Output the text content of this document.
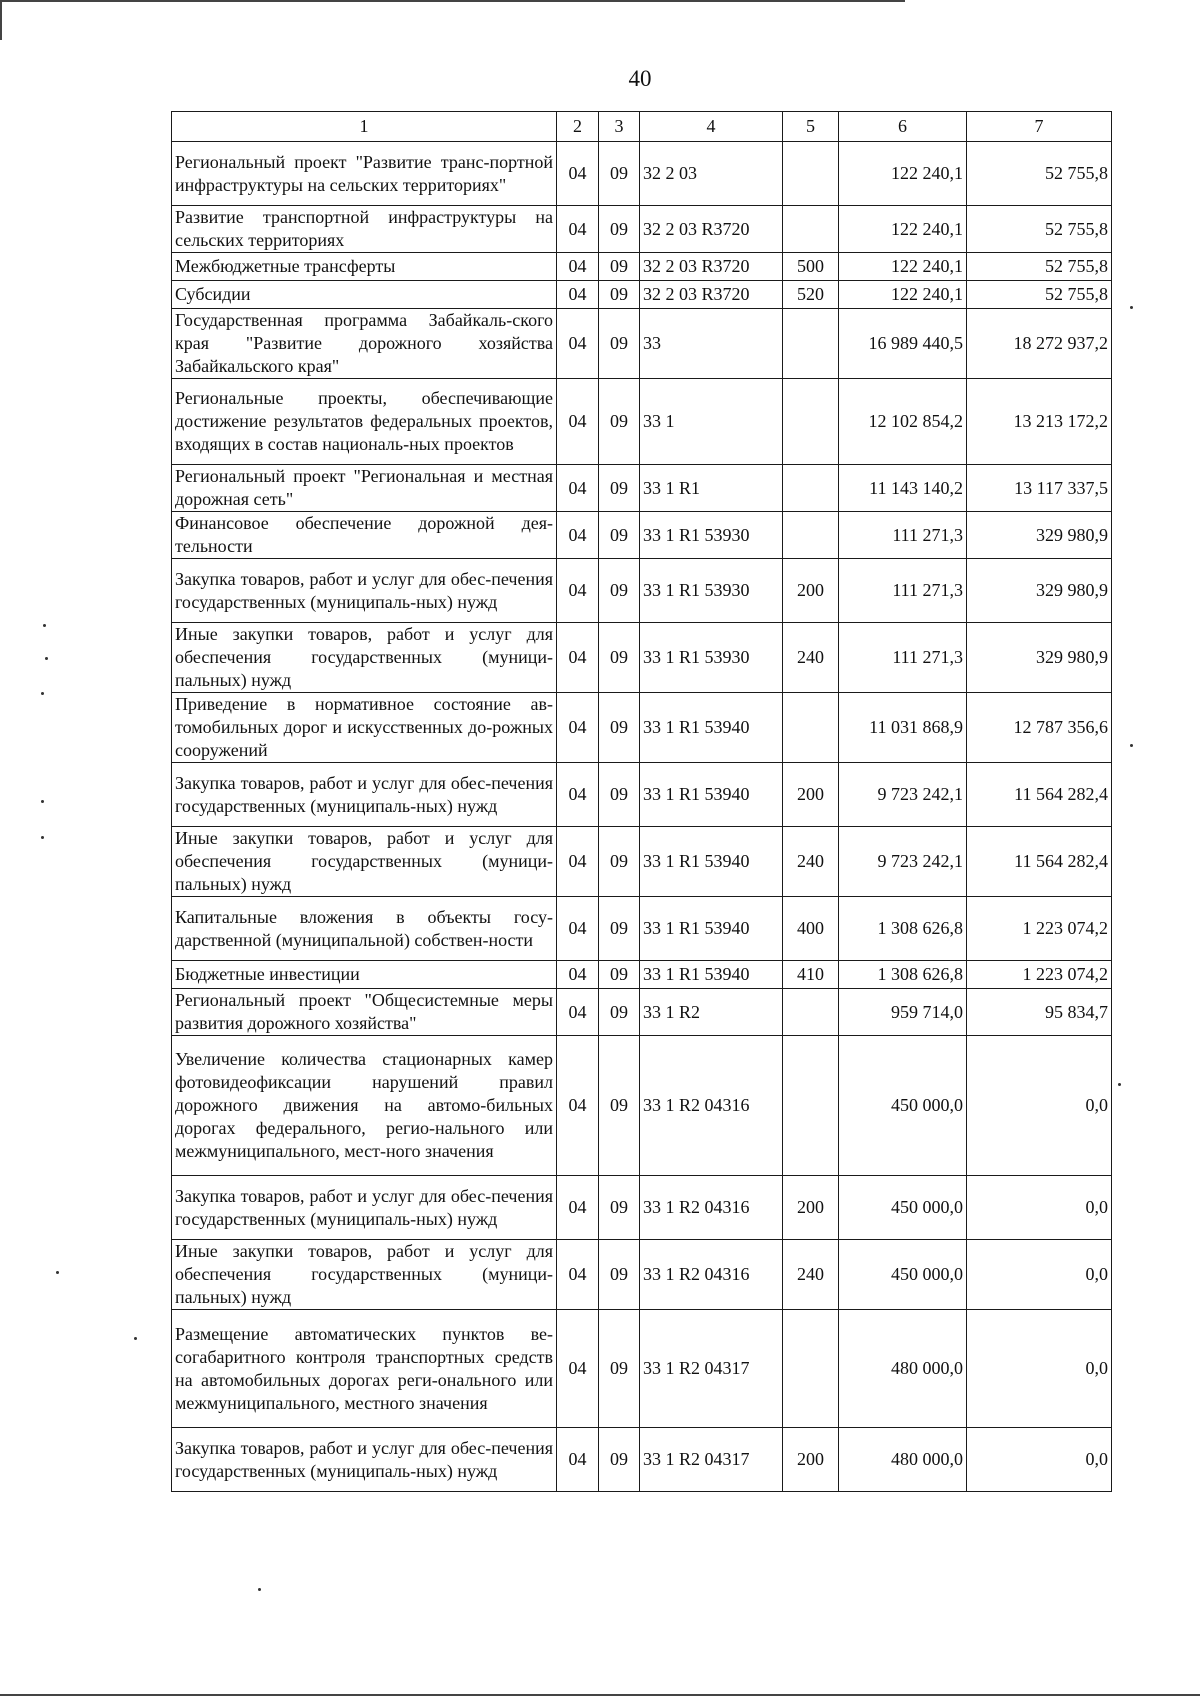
40
1	2	3	4	5	6	7
Региональный проект "Развитие транс-портной инфраструктуры на сельских территориях"	04	09	32 2 03		122 240,1	52 755,8
Развитие транспортной инфраструктуры на сельских территориях	04	09	32 2 03 R3720		122 240,1	52 755,8
Межбюджетные трансферты	04	09	32 2 03 R3720	500	122 240,1	52 755,8
Субсидии	04	09	32 2 03 R3720	520	122 240,1	52 755,8
Государственная программа Забайкаль-ского края "Развитие дорожного хозяйства Забайкальского края"	04	09	33		16 989 440,5	18 272 937,2
Региональные проекты, обеспечивающие достижение результатов федеральных проектов, входящих в состав националь-ных проектов	04	09	33 1		12 102 854,2	13 213 172,2
Региональный проект "Региональная и местная дорожная сеть"	04	09	33 1 R1		11 143 140,2	13 117 337,5
Финансовое обеспечение дорожной дея-тельности	04	09	33 1 R1 53930		111 271,3	329 980,9
Закупка товаров, работ и услуг для обес-печения государственных (муниципаль-ных) нужд	04	09	33 1 R1 53930	200	111 271,3	329 980,9
Иные закупки товаров, работ и услуг для обеспечения государственных (муници-пальных) нужд	04	09	33 1 R1 53930	240	111 271,3	329 980,9
Приведение в нормативное состояние ав-томобильных дорог и искусственных до-рожных сооружений	04	09	33 1 R1 53940		11 031 868,9	12 787 356,6
Закупка товаров, работ и услуг для обес-печения государственных (муниципаль-ных) нужд	04	09	33 1 R1 53940	200	9 723 242,1	11 564 282,4
Иные закупки товаров, работ и услуг для обеспечения государственных (муници-пальных) нужд	04	09	33 1 R1 53940	240	9 723 242,1	11 564 282,4
Капитальные вложения в объекты госу-дарственной (муниципальной) собствен-ности	04	09	33 1 R1 53940	400	1 308 626,8	1 223 074,2
Бюджетные инвестиции	04	09	33 1 R1 53940	410	1 308 626,8	1 223 074,2
Региональный проект "Общесистемные меры развития дорожного хозяйства"	04	09	33 1 R2		959 714,0	95 834,7
Увеличение количества стационарных камер фотовидеофиксации нарушений правил дорожного движения на автомо-бильных дорогах федерального, регио-нального или межмуниципального, мест-ного значения	04	09	33 1 R2 04316		450 000,0	0,0
Закупка товаров, работ и услуг для обес-печения государственных (муниципаль-ных) нужд	04	09	33 1 R2 04316	200	450 000,0	0,0
Иные закупки товаров, работ и услуг для обеспечения государственных (муници-пальных) нужд	04	09	33 1 R2 04316	240	450 000,0	0,0
Размещение автоматических пунктов ве-согабаритного контроля транспортных средств на автомобильных дорогах реги-онального или межмуниципального, местного значения	04	09	33 1 R2 04317		480 000,0	0,0
Закупка товаров, работ и услуг для обес-печения государственных (муниципаль-ных) нужд	04	09	33 1 R2 04317	200	480 000,0	0,0
